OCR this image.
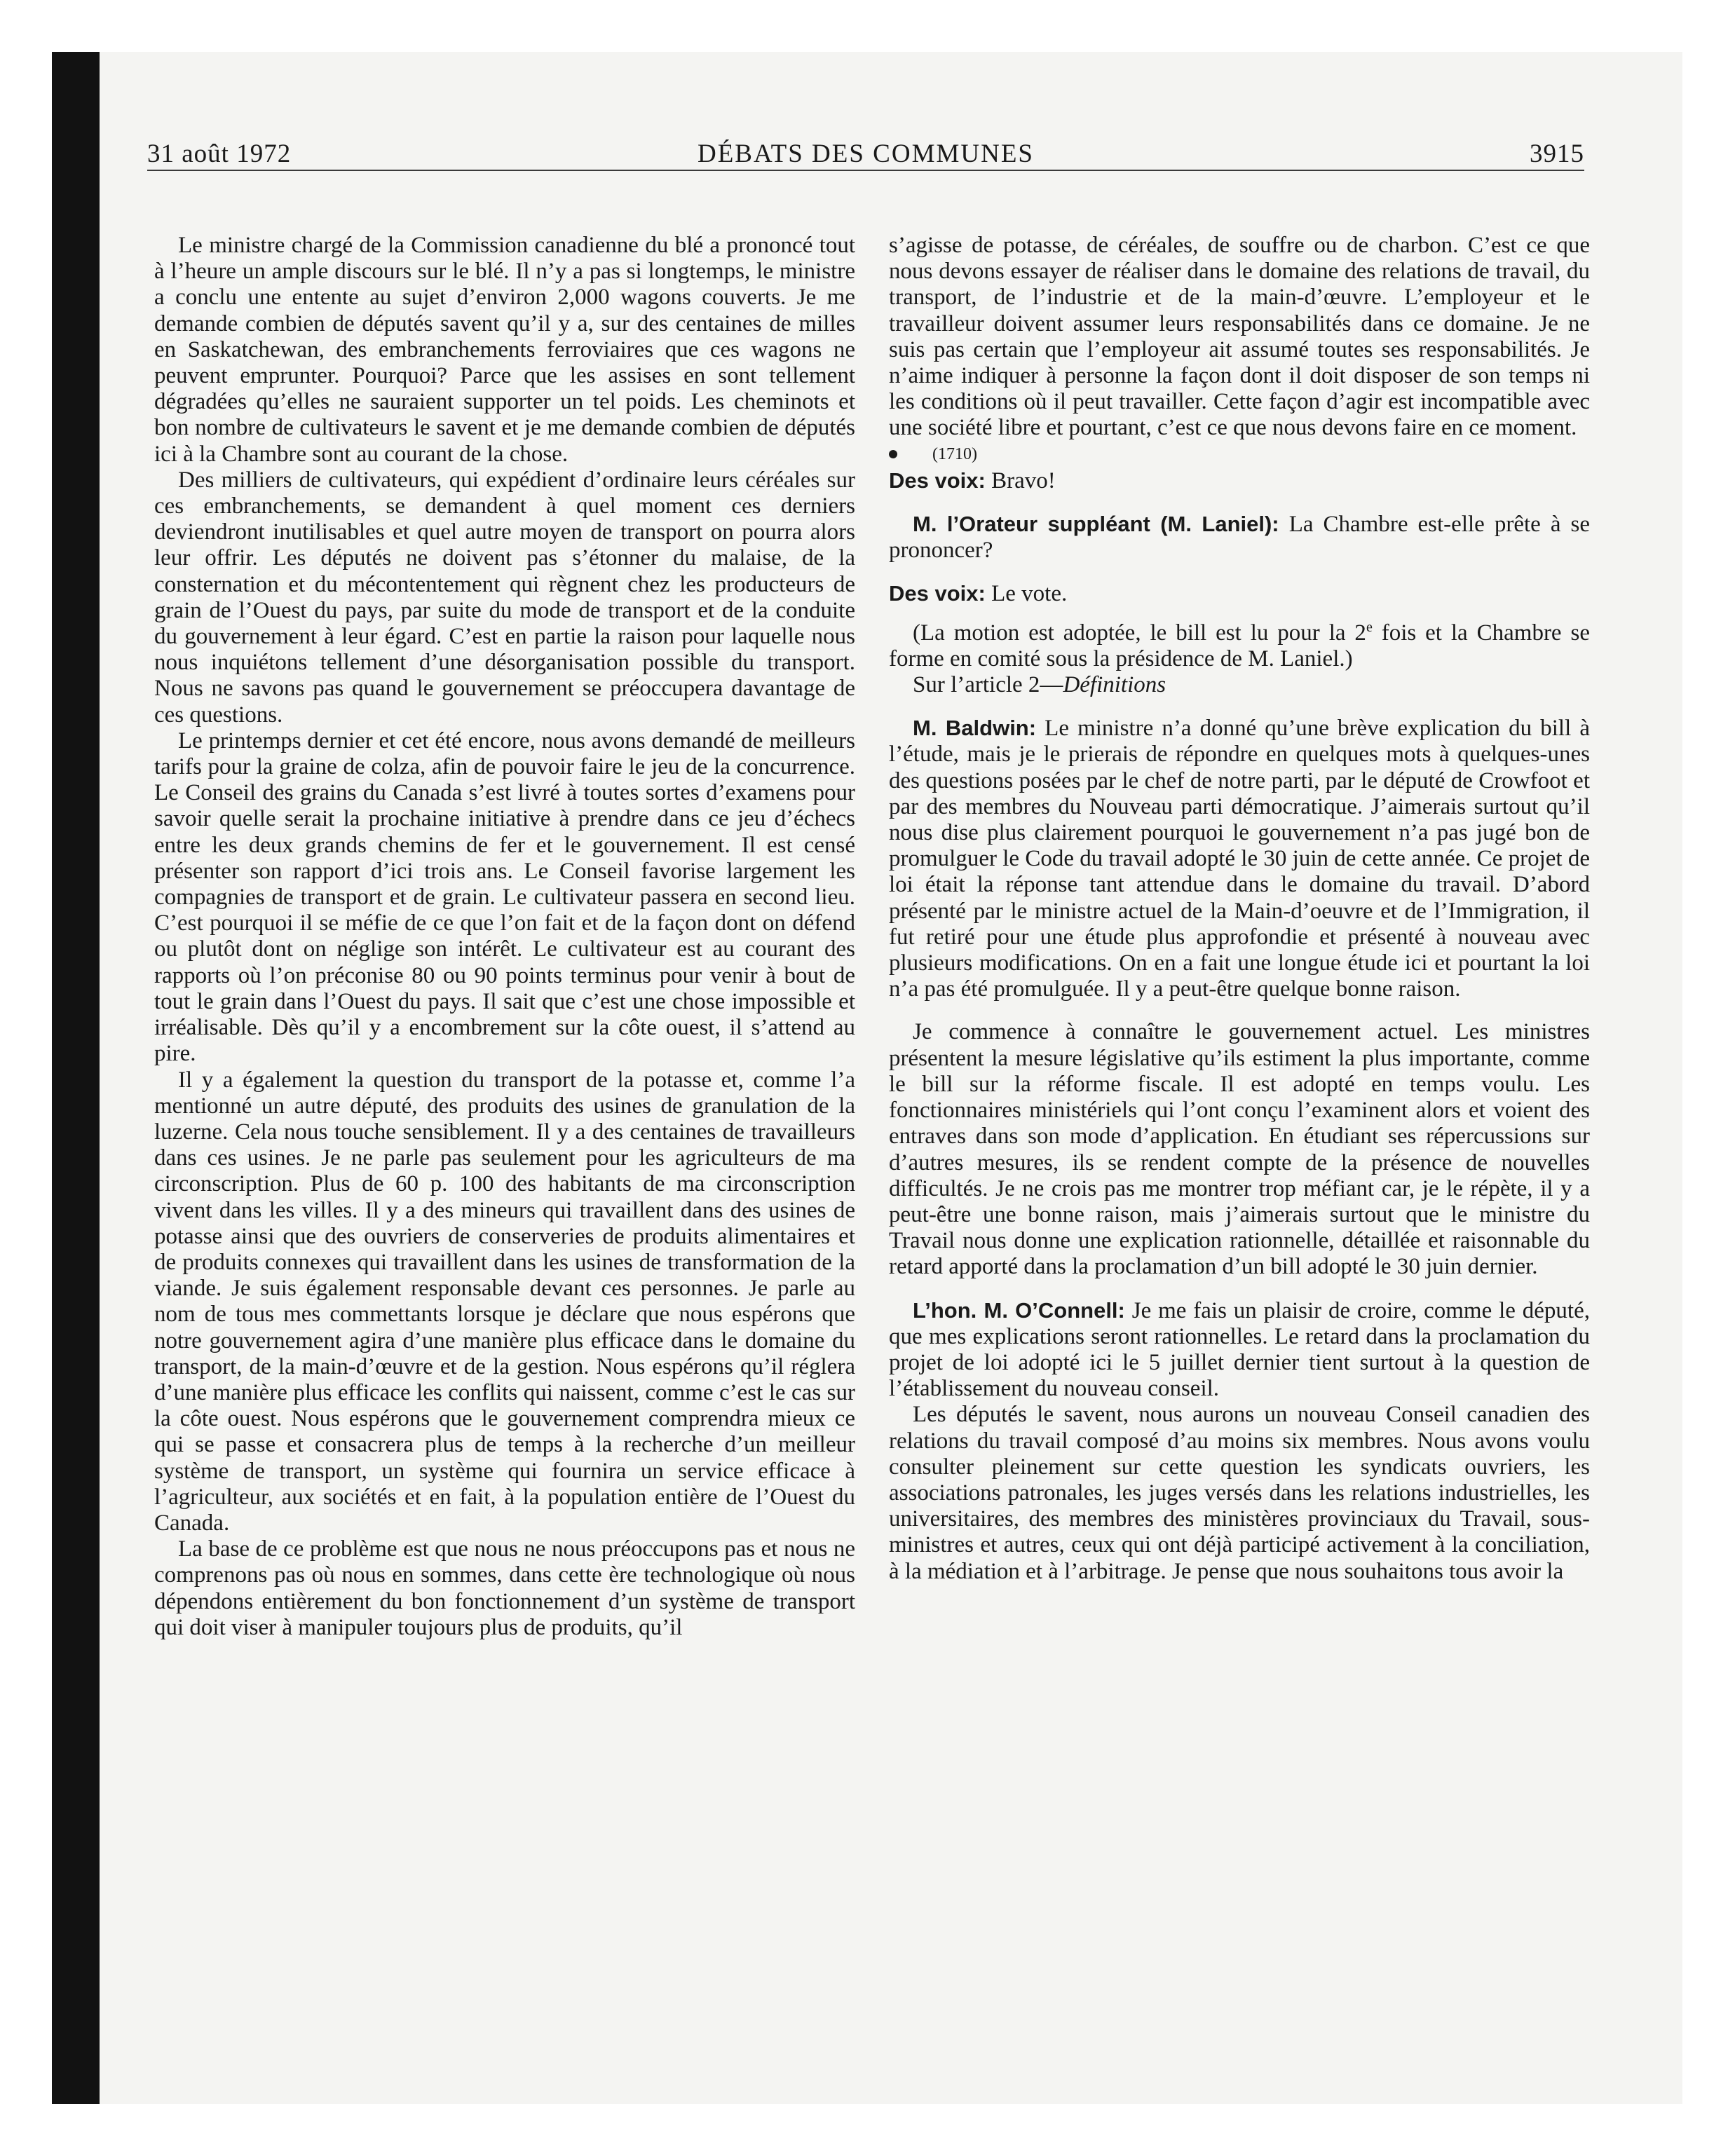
31 août 1972	DÉBATS DES COMMUNES	3915

Le ministre chargé de la Commission canadienne du blé a prononcé tout à l’heure un ample discours sur le blé. Il n’y a pas si longtemps, le ministre a conclu une entente au sujet d’environ 2,000 wagons couverts. Je me demande combien de députés savent qu’il y a, sur des centaines de milles en Saskatchewan, des embranchements ferroviaires que ces wagons ne peuvent emprunter. Pourquoi? Parce que les assises en sont tellement dégradées qu’elles ne sauraient supporter un tel poids. Les cheminots et bon nombre de cultivateurs le savent et je me demande combien de députés ici à la Chambre sont au courant de la chose.

Des milliers de cultivateurs, qui expédient d’ordinaire leurs céréales sur ces embranchements, se demandent à quel moment ces derniers deviendront inutilisables et quel autre moyen de transport on pourra alors leur offrir. Les députés ne doivent pas s’étonner du malaise, de la consternation et du mécontentement qui règnent chez les producteurs de grain de l’Ouest du pays, par suite du mode de transport et de la conduite du gouvernement à leur égard. C’est en partie la raison pour laquelle nous nous inquiétons tellement d’une désorganisation possible du transport. Nous ne savons pas quand le gouvernement se préoccupera davantage de ces questions.

Le printemps dernier et cet été encore, nous avons demandé de meilleurs tarifs pour la graine de colza, afin de pouvoir faire le jeu de la concurrence. Le Conseil des grains du Canada s’est livré à toutes sortes d’examens pour savoir quelle serait la prochaine initiative à prendre dans ce jeu d’échecs entre les deux grands chemins de fer et le gouvernement. Il est censé présenter son rapport d’ici trois ans. Le Conseil favorise largement les compagnies de transport et de grain. Le cultivateur passera en second lieu. C’est pourquoi il se méfie de ce que l’on fait et de la façon dont on défend ou plutôt dont on néglige son intérêt. Le cultivateur est au courant des rapports où l’on préconise 80 ou 90 points terminus pour venir à bout de tout le grain dans l’Ouest du pays. Il sait que c’est une chose impossible et irréalisable. Dès qu’il y a encombrement sur la côte ouest, il s’attend au pire.

Il y a également la question du transport de la potasse et, comme l’a mentionné un autre député, des produits des usines de granulation de la luzerne. Cela nous touche sensiblement. Il y a des centaines de travailleurs dans ces usines. Je ne parle pas seulement pour les agriculteurs de ma circonscription. Plus de 60 p. 100 des habitants de ma circonscription vivent dans les villes. Il y a des mineurs qui travaillent dans des usines de potasse ainsi que des ouvriers de conserveries de produits alimentaires et de produits connexes qui travaillent dans les usines de transformation de la viande. Je suis également responsable devant ces personnes. Je parle au nom de tous mes commettants lorsque je déclare que nous espérons que notre gouvernement agira d’une manière plus efficace dans le domaine du transport, de la main-d’œuvre et de la gestion. Nous espérons qu’il réglera d’une manière plus efficace les conflits qui naissent, comme c’est le cas sur la côte ouest. Nous espérons que le gouvernement comprendra mieux ce qui se passe et consacrera plus de temps à la recherche d’un meilleur système de transport, un système qui fournira un service efficace à l’agriculteur, aux sociétés et en fait, à la population entière de l’Ouest du Canada.

La base de ce problème est que nous ne nous préoccupons pas et nous ne comprenons pas où nous en sommes, dans cette ère technologique où nous dépendons entièrement du bon fonctionnement d’un système de transport qui doit viser à manipuler toujours plus de produits, qu’il

s’agisse de potasse, de céréales, de souffre ou de charbon. C’est ce que nous devons essayer de réaliser dans le domaine des relations de travail, du transport, de l’industrie et de la main-d’œuvre. L’employeur et le travailleur doivent assumer leurs responsabilités dans ce domaine. Je ne suis pas certain que l’employeur ait assumé toutes ses responsabilités. Je n’aime indiquer à personne la façon dont il doit disposer de son temps ni les conditions où il peut travailler. Cette façon d’agir est incompatible avec une société libre et pourtant, c’est ce que nous devons faire en ce moment.

(1710)

Des voix: Bravo!

M. l’Orateur suppléant (M. Laniel): La Chambre est-elle prête à se prononcer?

Des voix: Le vote.

(La motion est adoptée, le bill est lu pour la 2e fois et la Chambre se forme en comité sous la présidence de M. Laniel.)

Sur l’article 2—Définitions

M. Baldwin: Le ministre n’a donné qu’une brève explication du bill à l’étude, mais je le prierais de répondre en quelques mots à quelques-unes des questions posées par le chef de notre parti, par le député de Crowfoot et par des membres du Nouveau parti démocratique. J’aimerais surtout qu’il nous dise plus clairement pourquoi le gouvernement n’a pas jugé bon de promulguer le Code du travail adopté le 30 juin de cette année. Ce projet de loi était la réponse tant attendue dans le domaine du travail. D’abord présenté par le ministre actuel de la Main-d’oeuvre et de l’Immigration, il fut retiré pour une étude plus approfondie et présenté à nouveau avec plusieurs modifications. On en a fait une longue étude ici et pourtant la loi n’a pas été promulguée. Il y a peut-être quelque bonne raison.

Je commence à connaître le gouvernement actuel. Les ministres présentent la mesure législative qu’ils estiment la plus importante, comme le bill sur la réforme fiscale. Il est adopté en temps voulu. Les fonctionnaires ministériels qui l’ont conçu l’examinent alors et voient des entraves dans son mode d’application. En étudiant ses répercussions sur d’autres mesures, ils se rendent compte de la présence de nouvelles difficultés. Je ne crois pas me montrer trop méfiant car, je le répète, il y a peut-être une bonne raison, mais j’aimerais surtout que le ministre du Travail nous donne une explication rationnelle, détaillée et raisonnable du retard apporté dans la proclamation d’un bill adopté le 30 juin dernier.

L’hon. M. O’Connell: Je me fais un plaisir de croire, comme le député, que mes explications seront rationnelles. Le retard dans la proclamation du projet de loi adopté ici le 5 juillet dernier tient surtout à la question de l’établissement du nouveau conseil.

Les députés le savent, nous aurons un nouveau Conseil canadien des relations du travail composé d’au moins six membres. Nous avons voulu consulter pleinement sur cette question les syndicats ouvriers, les associations patronales, les juges versés dans les relations industrielles, les universitaires, des membres des ministères provinciaux du Travail, sous-ministres et autres, ceux qui ont déjà participé activement à la conciliation, à la médiation et à l’arbitrage. Je pense que nous souhaitons tous avoir la
